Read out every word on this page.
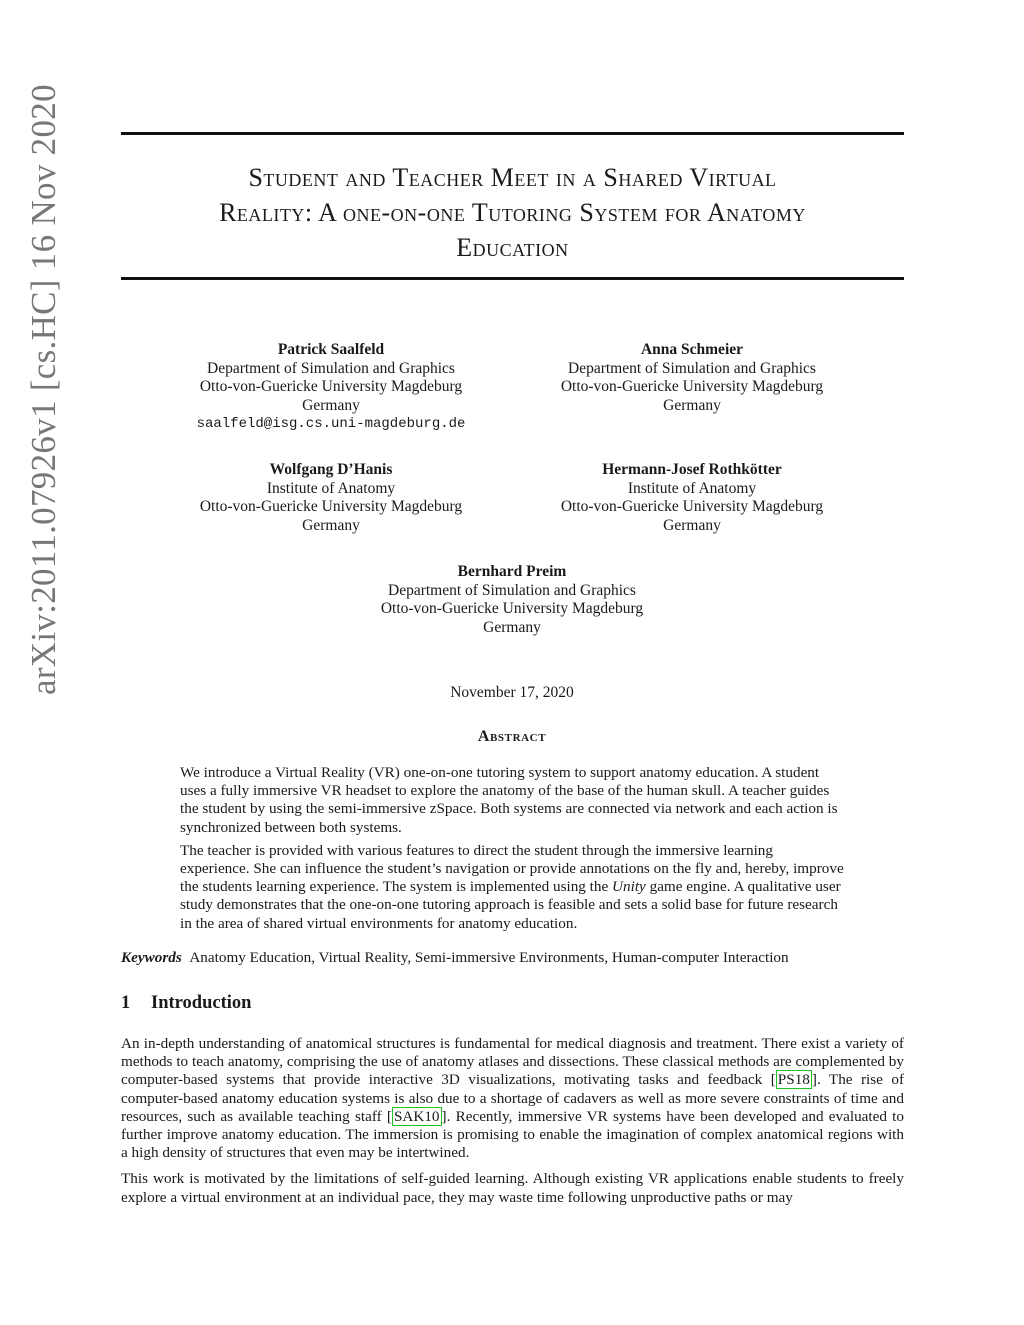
arXiv:2011.07926v1 [cs.HC] 16 Nov 2020	Student and Teacher Meet in a Shared Virtual
Reality: A one-on-one Tutoring System for Anatomy
Education
Patrick Saalfeld
Department of Simulation and Graphics
Otto-von-Guericke University Magdeburg
Germany
saalfeld@isg.cs.uni-magdeburg.de
Anna Schmeier
Department of Simulation and Graphics
Otto-von-Guericke University Magdeburg
Germany
Wolfgang D’Hanis
Institute of Anatomy
Otto-von-Guericke University Magdeburg
Germany
Hermann-Josef Rothkötter
Institute of Anatomy
Otto-von-Guericke University Magdeburg
Germany
Bernhard Preim
Department of Simulation and Graphics
Otto-von-Guericke University Magdeburg
Germany
November 17, 2020
Abstract

We introduce a Virtual Reality (VR) one-on-one tutoring system to support anatomy education. A student uses a fully immersive VR headset to explore the anatomy of the base of the human skull. A teacher guides the student by using the semi-immersive zSpace. Both systems are connected via network and each action is synchronized between both systems.

The teacher is provided with various features to direct the student through the immersive learning experience. She can influence the student’s navigation or provide annotations on the fly and, hereby, improve the students learning experience. The system is implemented using the Unity game engine. A qualitative user study demonstrates that the one-on-one tutoring approach is feasible and sets a solid base for future research in the area of shared virtual environments for anatomy education.

Keywords Anatomy Education, Virtual Reality, Semi-immersive Environments, Human-computer Interaction
1 Introduction

An in-depth understanding of anatomical structures is fundamental for medical diagnosis and treatment. There exist a variety of methods to teach anatomy, comprising the use of anatomy atlases and dissections. These classical methods are complemented by computer-based systems that provide interactive 3D visualizations, motivating tasks and feedback [ PS18 ]. The rise of computer-based anatomy education systems is also due to a shortage of cadavers as well as more severe constraints of time and resources, such as available teaching staff [ SAK10 ]. Recently, immersive VR systems have been developed and evaluated to further improve anatomy education. The immersion is promising to enable the imagination of complex anatomical regions with a high density of structures that even may be intertwined.

This work is motivated by the limitations of self-guided learning. Although existing VR applications enable students to freely explore a virtual environment at an individual pace, they may waste time following unproductive paths or may
